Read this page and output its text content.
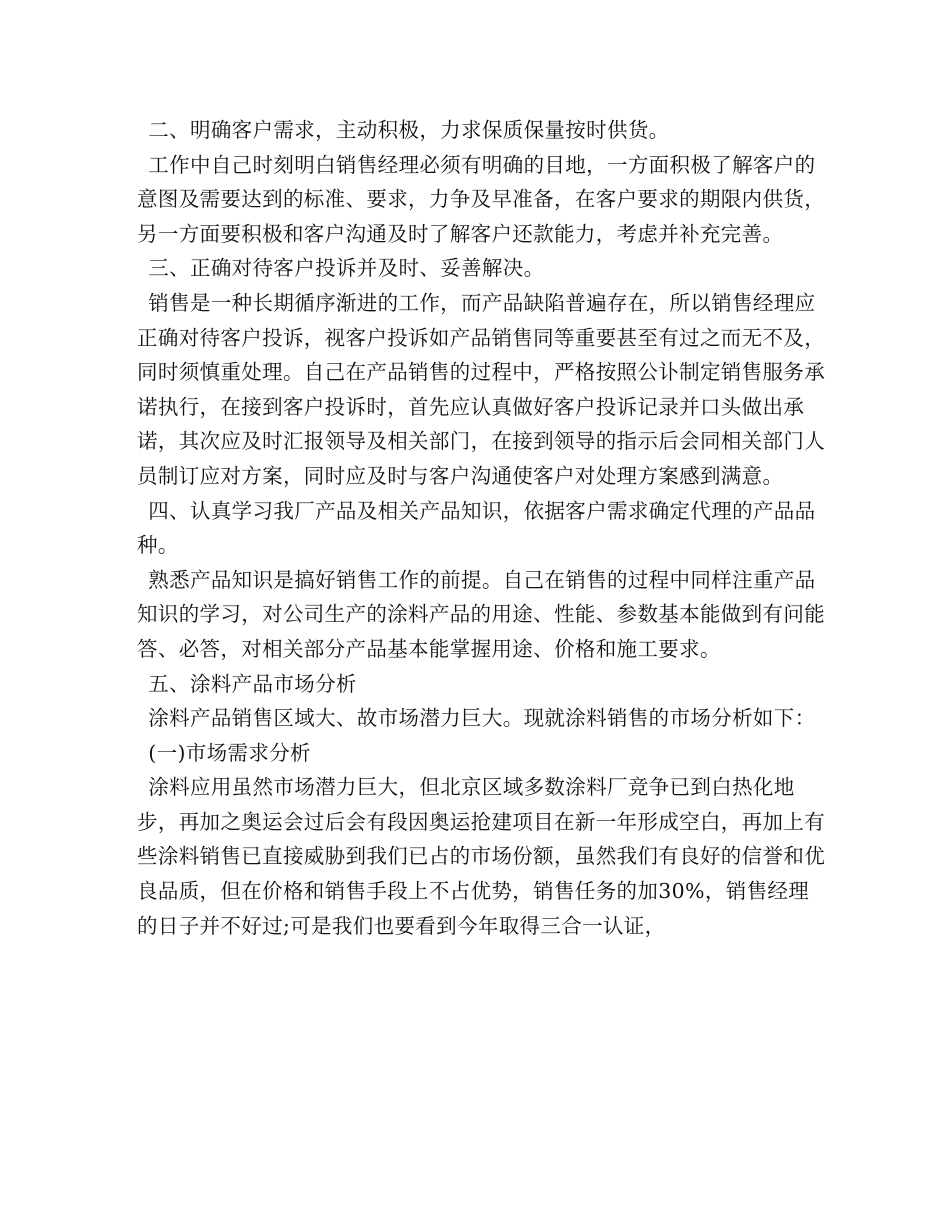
二、明确客户需求，主动积极，力求保质保量按时供货。

工作中自己时刻明白销售经理必须有明确的目地，一方面积极了解客户的意图及需要达到的标准、要求，力争及早准备，在客户要求的期限内供货，另一方面要积极和客户沟通及时了解客户还款能力，考虑并补充完善。

三、正确对待客户投诉并及时、妥善解决。

销售是一种长期循序渐进的工作，而产品缺陷普遍存在，所以销售经理应正确对待客户投诉，视客户投诉如产品销售同等重要甚至有过之而无不及，同时须慎重处理。自己在产品销售的过程中，严格按照公讣制定销售服务承诺执行，在接到客户投诉时，首先应认真做好客户投诉记录并口头做出承诺，其次应及时汇报领导及相关部门，在接到领导的指示后会同相关部门人员制订应对方案，同时应及时与客户沟通使客户对处理方案感到满意。

四、认真学习我厂产品及相关产品知识，依据客户需求确定代理的产品品种。

熟悉产品知识是搞好销售工作的前提。自己在销售的过程中同样注重产品知识的学习，对公司生产的涂料产品的用途、性能、参数基本能做到有问能答、必答，对相关部分产品基本能掌握用途、价格和施工要求。

五、涂料产品市场分析

涂料产品销售区域大、故市场潜力巨大。现就涂料销售的市场分析如下：

(一)市场需求分析

涂料应用虽然市场潜力巨大，但北京区域多数涂料厂竞争已到白热化地步，再加之奥运会过后会有段因奥运抢建项目在新一年形成空白，再加上有些涂料销售已直接威胁到我们已占的市场份额，虽然我们有良好的信誉和优良品质，但在价格和销售手段上不占优势，销售任务的加30%，销售经理的日子并不好过;可是我们也要看到今年取得三合一认证，
